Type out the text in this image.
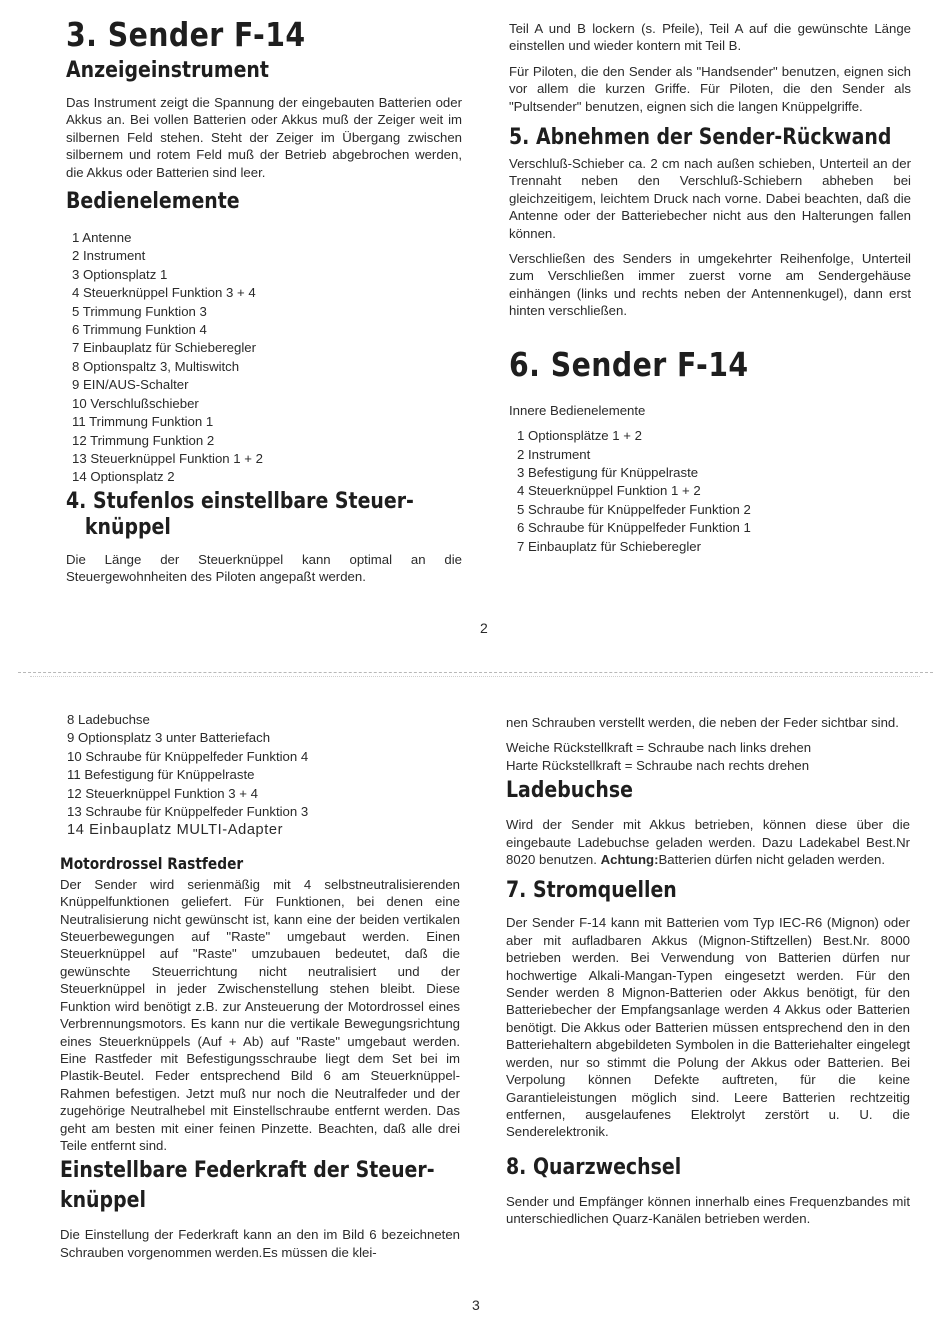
3. Sender F-14
Anzeigeinstrument

Das Instrument zeigt die Spannung der eingebauten Batterien oder Akkus an. Bei vollen Batterien oder Akkus muß der Zeiger weit im silbernen Feld stehen. Steht der Zeiger im Übergang zwischen silbernem und rotem Feld muß der Betrieb abgebrochen werden, die Akkus oder Batterien sind leer.

Bedienelemente
1 Antenne
2 Instrument
3 Optionsplatz 1
4 Steuerknüppel Funktion 3 + 4
5 Trimmung Funktion 3
6 Trimmung Funktion 4
7 Einbauplatz für Schieberegler
8 Optionspaltz 3, Multiswitch
9 EIN/AUS-Schalter
10 Verschlußschieber
11 Trimmung Funktion 1
12 Trimmung Funktion 2
13 Steuerknüppel Funktion 1 + 2
14 Optionsplatz 2
4. Stufenlos einstellbare Steuer-
knüppel

Die Länge der Steuerknüppel kann optimal an die Steuergewohnheiten des Piloten angepaßt werden.

Teil A und B lockern (s. Pfeile), Teil A auf die gewünschte Länge einstellen und wieder kontern mit Teil B.

Für Piloten, die den Sender als "Handsender" benutzen, eignen sich vor allem die kurzen Griffe. Für Piloten, die den Sender als "Pultsender" benutzen, eignen sich die langen Knüppelgriffe.

5. Abnehmen der Sender-Rückwand

Verschluß-Schieber ca. 2 cm nach außen schieben, Unterteil an der Trennaht neben den Verschluß-Schiebern abheben bei gleichzeitigem, leichtem Druck nach vorne. Dabei beachten, daß die Antenne oder der Batteriebecher nicht aus den Halterungen fallen können.

Verschließen des Senders in umgekehrter Reihenfolge, Unterteil zum Verschließen immer zuerst vorne am Sendergehäuse einhängen (links und rechts neben der Antennenkugel), dann erst hinten verschließen.

6. Sender F-14
Innere Bedienelemente
1 Optionsplätze 1 + 2
2 Instrument
3 Befestigung für Knüppelraste
4 Steuerknüppel Funktion 1 + 2
5 Schraube für Knüppelfeder Funktion 2
6 Schraube für Knüppelfeder Funktion 1
7 Einbauplatz für Schieberegler
2
8 Ladebuchse
9 Optionsplatz 3 unter Batteriefach
10 Schraube für Knüppelfeder Funktion 4
11 Befestigung für Knüppelraste
12 Steuerknüppel Funktion 3 + 4
13 Schraube für Knüppelfeder Funktion 3
14 Einbauplatz MULTI-Adapter
Motordrossel Rastfeder

Der Sender wird serienmäßig mit 4 selbstneutralisierenden Knüppelfunktionen geliefert. Für Funktionen, bei denen eine Neutralisierung nicht gewünscht ist, kann eine der beiden vertikalen Steuerbewegungen auf "Raste" umgebaut werden. Einen Steuerknüppel auf "Raste" umzubauen bedeutet, daß die gewünschte Steuerrichtung nicht neutralisiert und der Steuerknüppel in jeder Zwischenstellung stehen bleibt. Diese Funktion wird benötigt z.B. zur Ansteuerung der Motordrossel eines Verbrennungsmotors. Es kann nur die vertikale Bewegungsrichtung eines Steuerknüppels (Auf + Ab) auf "Raste" umgebaut werden. Eine Rastfeder mit Befestigungsschraube liegt dem Set bei im Plastik-Beutel. Feder entsprechend Bild 6 am Steuerknüppel-Rahmen befestigen. Jetzt muß nur noch die Neutralfeder und der zugehörige Neutralhebel mit Einstellschraube entfernt werden. Das geht am besten mit einer feinen Pinzette. Beachten, daß alle drei Teile entfernt sind.

Einstellbare Federkraft der Steuer-
knüppel

Die Einstellung der Federkraft kann an den im Bild 6 bezeichneten Schrauben vorgenommen werden.Es müssen die klei-

nen Schrauben verstellt werden, die neben der Feder sichtbar sind.

Weiche Rückstellkraft = Schraube nach links drehen
Harte Rückstellkraft = Schraube nach rechts drehen
Ladebuchse

Wird der Sender mit Akkus betrieben, können diese über die eingebaute Ladebuchse geladen werden. Dazu Ladekabel Best.Nr 8020 benutzen. Achtung:Batterien dürfen nicht geladen werden.

7. Stromquellen

Der Sender F-14 kann mit Batterien vom Typ IEC-R6 (Mignon) oder aber mit aufladbaren Akkus (Mignon-Stiftzellen) Best.Nr. 8000 betrieben werden. Bei Verwendung von Batterien dürfen nur hochwertige Alkali-Mangan-Typen eingesetzt werden. Für den Sender werden 8 Mignon-Batterien oder Akkus benötigt, für den Batteriebecher der Empfangsanlage werden 4 Akkus oder Batterien benötigt. Die Akkus oder Batterien müssen entsprechend den in den Batteriehaltern abgebildeten Symbolen in die Batteriehalter eingelegt werden, nur so stimmt die Polung der Akkus oder Batterien. Bei Verpolung können Defekte auftreten, für die keine Garantieleistungen möglich sind. Leere Batterien rechtzeitig entfernen, ausgelaufenes Elektrolyt zerstört u. U. die Senderelektronik.

8. Quarzwechsel

Sender und Empfänger können innerhalb eines Frequenzbandes mit unterschiedlichen Quarz-Kanälen betrieben werden.

3
